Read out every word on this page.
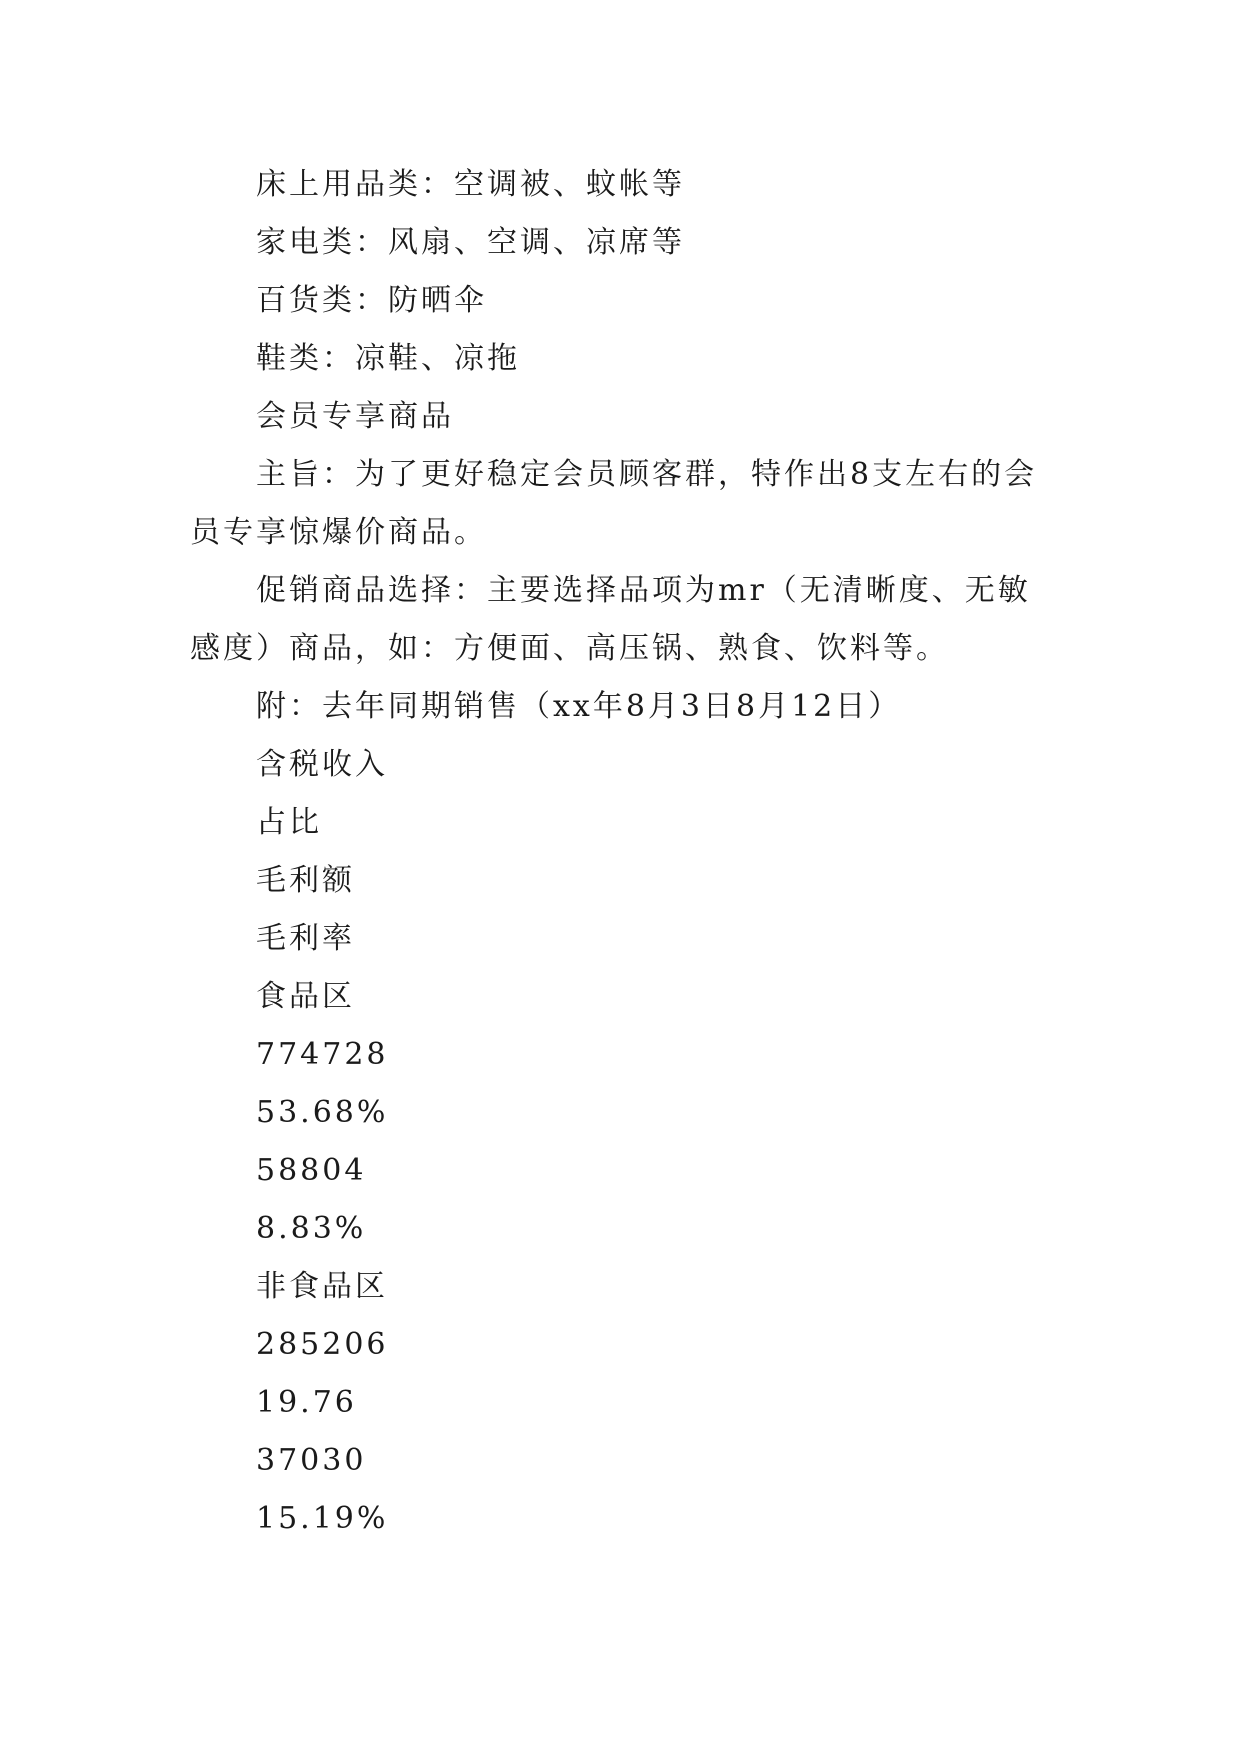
床上用品类：空调被、蚊帐等

家电类：风扇、空调、凉席等

百货类：防晒伞

鞋类：凉鞋、凉拖

会员专享商品

主旨：为了更好稳定会员顾客群，特作出8支左右的会员专享惊爆价商品。

促销商品选择：主要选择品项为mr（无清晰度、无敏感度）商品，如：方便面、高压锅、熟食、饮料等。

附：去年同期销售（xx年8月3日8月12日）

含税收入

占比

毛利额

毛利率

食品区

774728

53.68%

58804

8.83%

非食品区

285206

19.76

37030

15.19%
